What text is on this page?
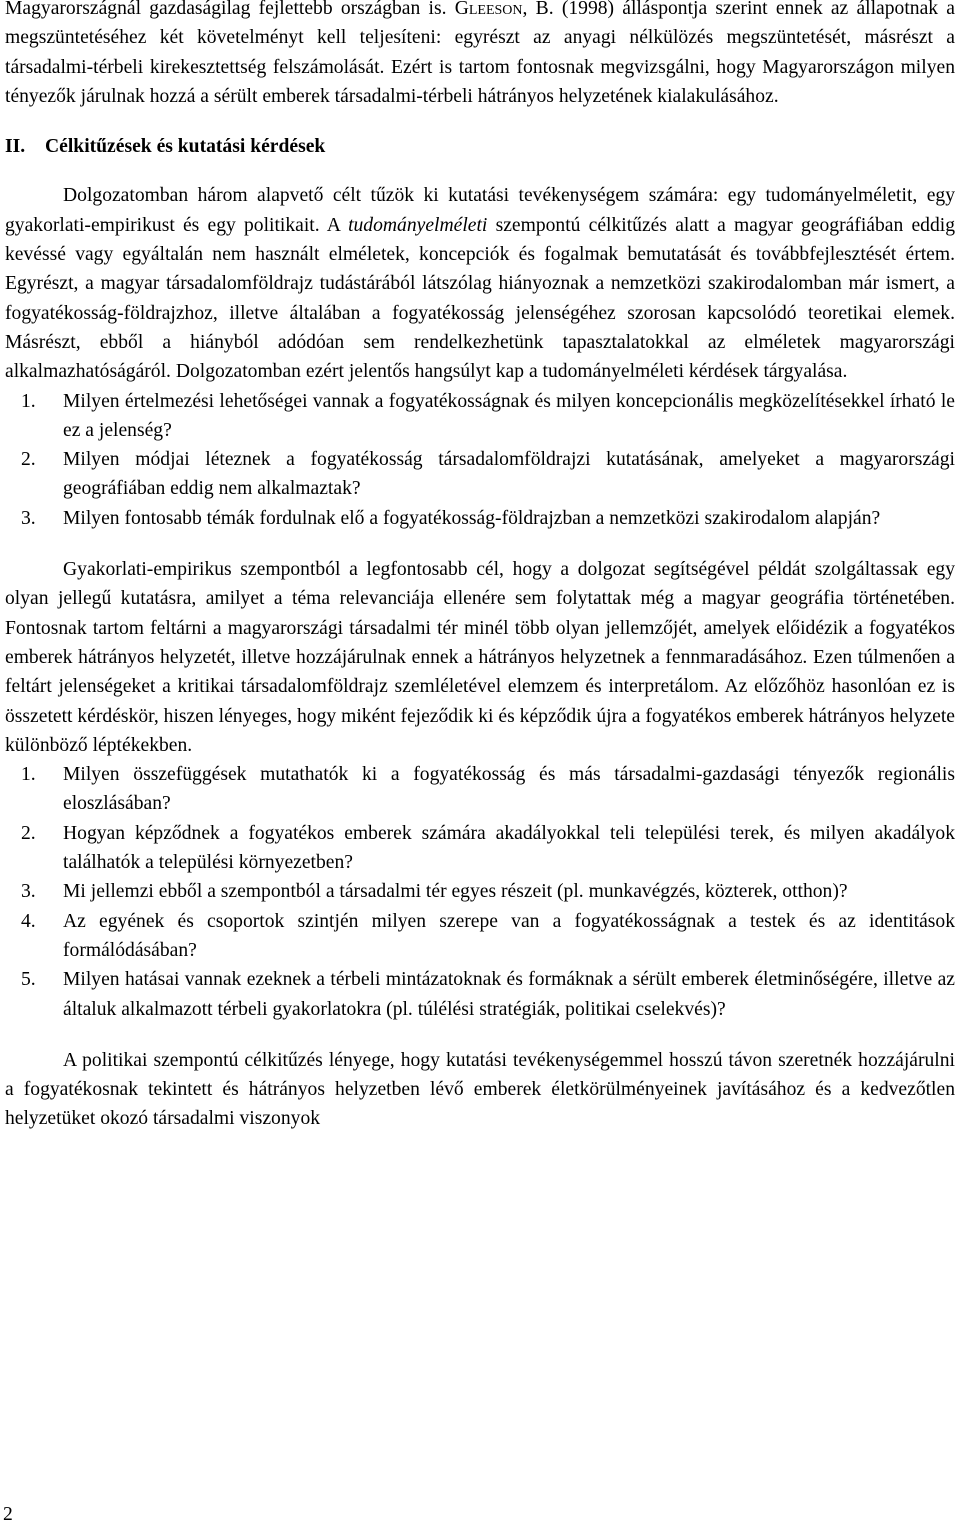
Magyarországnál gazdaságilag fejlettebb országban is. Gleeson, B. (1998) álláspontja szerint ennek az állapotnak a megszüntetéséhez két követelményt kell teljesíteni: egyrészt az anyagi nélkülözés megszüntetését, másrészt a társadalmi-térbeli kirekesztettség felszámolását. Ezért is tartom fontosnak megvizsgálni, hogy Magyarországon milyen tényezők járulnak hozzá a sérült emberek társadalmi-térbeli hátrányos helyzetének kialakulásához.

II. Célkitűzések és kutatási kérdések

Dolgozatomban három alapvető célt tűzök ki kutatási tevékenységem számára: egy tudományelméletit, egy gyakorlati-empirikust és egy politikait. A tudományelméleti szempontú célkitűzés alatt a magyar geográfiában eddig kevéssé vagy egyáltalán nem használt elméletek, koncepciók és fogalmak bemutatását és továbbfejlesztését értem. Egyrészt, a magyar társadalomföldrajz tudástárából látszólag hiányoznak a nemzetközi szakirodalomban már ismert, a fogyatékosság-földrajzhoz, illetve általában a fogyatékosság jelenségéhez szorosan kapcsolódó teoretikai elemek. Másrészt, ebből a hiányból adódóan sem rendelkezhetünk tapasztalatokkal az elméletek magyarországi alkalmazhatóságáról. Dolgozatomban ezért jelentős hangsúlyt kap a tudományelméleti kérdések tárgyalása.

1. Milyen értelmezési lehetőségei vannak a fogyatékosságnak és milyen koncepcionális megközelítésekkel írható le ez a jelenség?
2. Milyen módjai léteznek a fogyatékosság társadalomföldrajzi kutatásának, amelyeket a magyarországi geográfiában eddig nem alkalmaztak?
3. Milyen fontosabb témák fordulnak elő a fogyatékosság-földrajzban a nemzetközi szakirodalom alapján?

Gyakorlati-empirikus szempontból a legfontosabb cél, hogy a dolgozat segítségével példát szolgáltassak egy olyan jellegű kutatásra, amilyet a téma relevanciája ellenére sem folytattak még a magyar geográfia történetében. Fontosnak tartom feltárni a magyarországi társadalmi tér minél több olyan jellemzőjét, amelyek előidézik a fogyatékos emberek hátrányos helyzetét, illetve hozzájárulnak ennek a hátrányos helyzetnek a fennmaradásához. Ezen túlmenően a feltárt jelenségeket a kritikai társadalomföldrajz szemléletével elemzem és interpretálom. Az előzőhöz hasonlóan ez is összetett kérdéskör, hiszen lényeges, hogy miként fejeződik ki és képződik újra a fogyatékos emberek hátrányos helyzete különböző léptékekben.

1. Milyen összefüggések mutathatók ki a fogyatékosság és más társadalmi-gazdasági tényezők regionális eloszlásában?
2. Hogyan képződnek a fogyatékos emberek számára akadályokkal teli települési terek, és milyen akadályok találhatók a települési környezetben?
3. Mi jellemzi ebből a szempontból a társadalmi tér egyes részeit (pl. munkavégzés, közterek, otthon)?
4. Az egyének és csoportok szintjén milyen szerepe van a fogyatékosságnak a testek és az identitások formálódásában?
5. Milyen hatásai vannak ezeknek a térbeli mintázatoknak és formáknak a sérült emberek életminőségére, illetve az általuk alkalmazott térbeli gyakorlatokra (pl. túlélési stratégiák, politikai cselekvés)?

A politikai szempontú célkitűzés lényege, hogy kutatási tevékenységemmel hosszú távon szeretnék hozzájárulni a fogyatékosnak tekintett és hátrányos helyzetben lévő emberek életkörülményeinek javításához és a kedvezőtlen helyzetüket okozó társadalmi viszonyok

2
